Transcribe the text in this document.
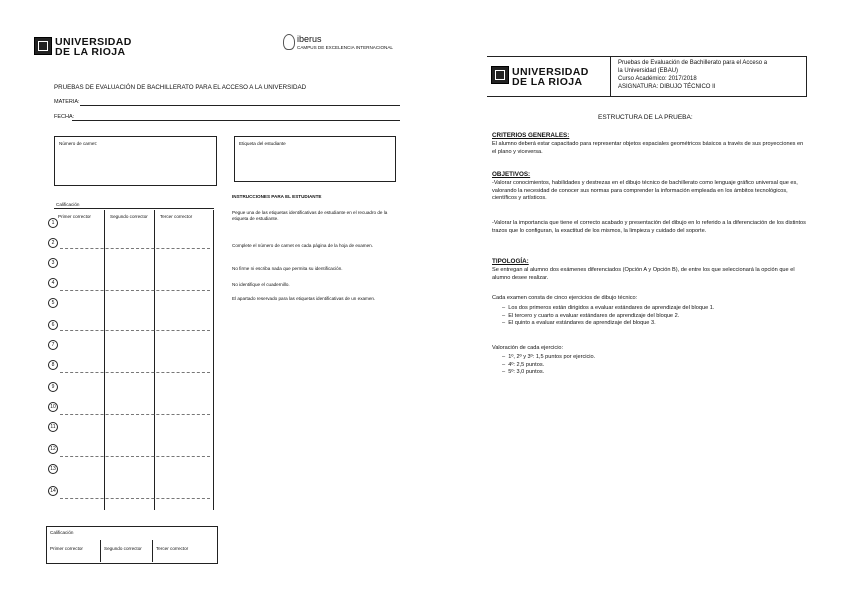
UNIVERSIDAD
DE LA RIOJA
iberus
CAMPUS DE EXCELENCIA INTERNACIONAL
PRUEBAS DE EVALUACIÓN DE BACHILLERATO PARA EL ACCESO A LA UNIVERSIDAD
MATERIA:
FECHA:
Número de carnet:	Etiqueta del estudiante
INSTRUCCIONES PARA EL ESTUDIANTE
Pegue una de las etiquetas identificativas de estudiante en el recuadro de la etiqueta de estudiante.
Complete el número de carnet en cada página de la hoja de examen.
No firme ni escriba nada que permita su identificación.
No identifique el cuadernillo.
El apartado reservado para las etiquetas identificativas de un examen.
Calificación
Primer corrector	Segundo corrector	Tercer corrector
1
2
3
4
5
6
7
8
9
10
11
12
13
14
Calificación
Primer corrector	Segundo corrector	Tercer corrector
UNIVERSIDAD
DE LA RIOJA
Pruebas de Evaluación de Bachillerato para el Acceso a
la Universidad (EBAU)
Curso Académico: 2017/2018
ASIGNATURA: DIBUJO TÉCNICO II
ESTRUCTURA DE LA PRUEBA:
CRITERIOS GENERALES:
El alumno deberá estar capacitado para representar objetos espaciales geométricos básicos a través de sus proyecciones en el plano y viceversa.
OBJETIVOS:
-Valorar conocimientos, habilidades y destrezas en el dibujo técnico de bachillerato como lenguaje gráfico universal que es, valorando la necesidad de conocer sus normas para comprender la información empleada en los ámbitos tecnológicos, científicos y artísticos.
-Valorar la importancia que tiene el correcto acabado y presentación del dibujo en lo referido a la diferenciación de los distintos trazos que lo configuran, la exactitud de los mismos, la limpieza y cuidado del soporte.
TIPOLOGÍA:
Se entregan al alumno dos exámenes diferenciados (Opción A y Opción B), de entre los que seleccionará la opción que el alumno desee realizar.
Cada examen consta de cinco ejercicios de dibujo técnico:
–  Los dos primeros están dirigidos a evaluar estándares de aprendizaje del bloque 1.
–  El tercero y cuarto a evaluar estándares de aprendizaje del bloque 2.
–  El quinto a evaluar estándares de aprendizaje del bloque 3.
Valoración de cada ejercicio:
–  1º, 2º y 3º: 1,5 puntos por ejercicio.
–  4º: 2,5 puntos.
–  5º: 3,0 puntos.
